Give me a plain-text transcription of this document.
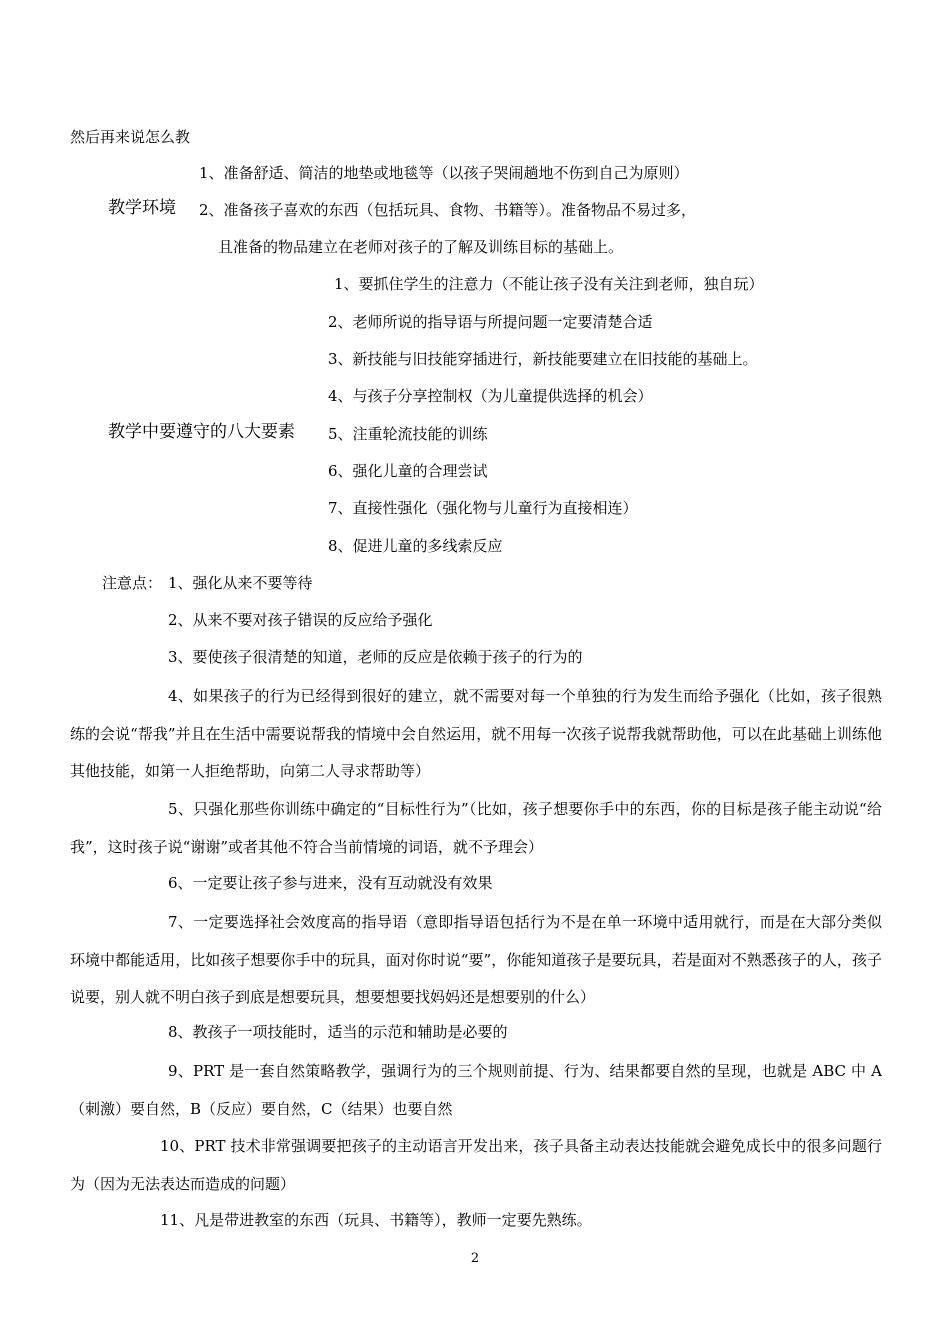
然后再来说怎么教
1、准备舒适、简洁的地垫或地毯等（以孩子哭闹趟地不伤到自己为原则）
教学环境 2、准备孩子喜欢的东西（包括玩具、食物、书籍等）。准备物品不易过多，
且准备的物品建立在老师对孩子的了解及训练目标的基础上。
1、要抓住学生的注意力（不能让孩子没有关注到老师，独自玩）
2、老师所说的指导语与所提问题一定要清楚合适
3、新技能与旧技能穿插进行，新技能要建立在旧技能的基础上。
4、与孩子分享控制权（为儿童提供选择的机会）
教学中要遵守的八大要素 5、注重轮流技能的训练
6、强化儿童的合理尝试
7、直接性强化（强化物与儿童行为直接相连）
8、促进儿童的多线索反应
注意点： 1、强化从来不要等待
2、从来不要对孩子错误的反应给予强化
3、要使孩子很清楚的知道，老师的反应是依赖于孩子的行为的
4、如果孩子的行为已经得到很好的建立，就不需要对每一个单独的行为发生而给予强化（比如，孩子很熟练的会说“帮我”并且在生活中需要说帮我的情境中会自然运用，就不用每一次孩子说帮我就帮助他，可以在此基础上训练他其他技能，如第一人拒绝帮助，向第二人寻求帮助等）
5、只强化那些你训练中确定的“目标性行为”（比如，孩子想要你手中的东西，你的目标是孩子能主动说“给我”，这时孩子说“谢谢”或者其他不符合当前情境的词语，就不予理会）
6、一定要让孩子参与进来，没有互动就没有效果
7、一定要选择社会效度高的指导语（意即指导语包括行为不是在单一环境中适用就行，而是在大部分类似环境中都能适用，比如孩子想要你手中的玩具，面对你时说“要”，你能知道孩子是要玩具，若是面对不熟悉孩子的人，孩子说要，别人就不明白孩子到底是想要玩具，想要想要找妈妈还是想要别的什么）
8、教孩子一项技能时，适当的示范和辅助是必要的
9、PRT 是一套自然策略教学，强调行为的三个规则前提、行为、结果都要自然的呈现，也就是 ABC 中 A（刺激）要自然，B（反应）要自然，C（结果）也要自然
10、PRT 技术非常强调要把孩子的主动语言开发出来，孩子具备主动表达技能就会避免成长中的很多问题行为（因为无法表达而造成的问题）
11、凡是带进教室的东西（玩具、书籍等），教师一定要先熟练。
2
